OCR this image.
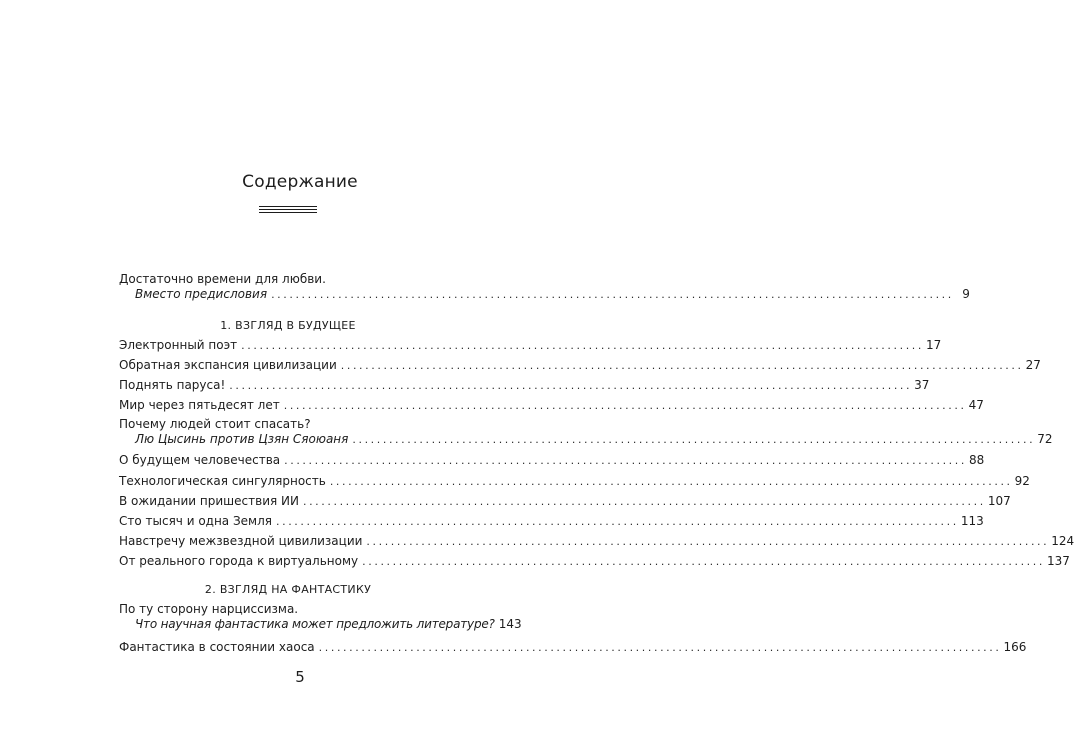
Содержание
Достаточно времени для любви.
Вместо предисловия ................................................................................................................ 9
1. ВЗГЛЯД В БУДУЩЕЕ
Электронный поэт ................................................................................................................ 17
Обратная экспансия цивилизации ................................................................................................................ 27
Поднять паруса! ................................................................................................................ 37
Мир через пятьдесят лет ................................................................................................................ 47
Почему людей стоит спасать?
Лю Цысинь против Цзян Сяоюаня ................................................................................................................ 72
О будущем человечества ................................................................................................................ 88
Технологическая сингулярность ................................................................................................................ 92
В ожидании пришествия ИИ ................................................................................................................ 107
Сто тысяч и одна Земля ................................................................................................................ 113
Навстречу межзвездной цивилизации ................................................................................................................ 124
От реального города к виртуальному ................................................................................................................ 137
2. ВЗГЛЯД НА ФАНТАСТИКУ
По ту сторону нарциссизма.
Что научная фантастика может предложить литературе? 143
Фантастика в состоянии хаоса ................................................................................................................ 166
5
